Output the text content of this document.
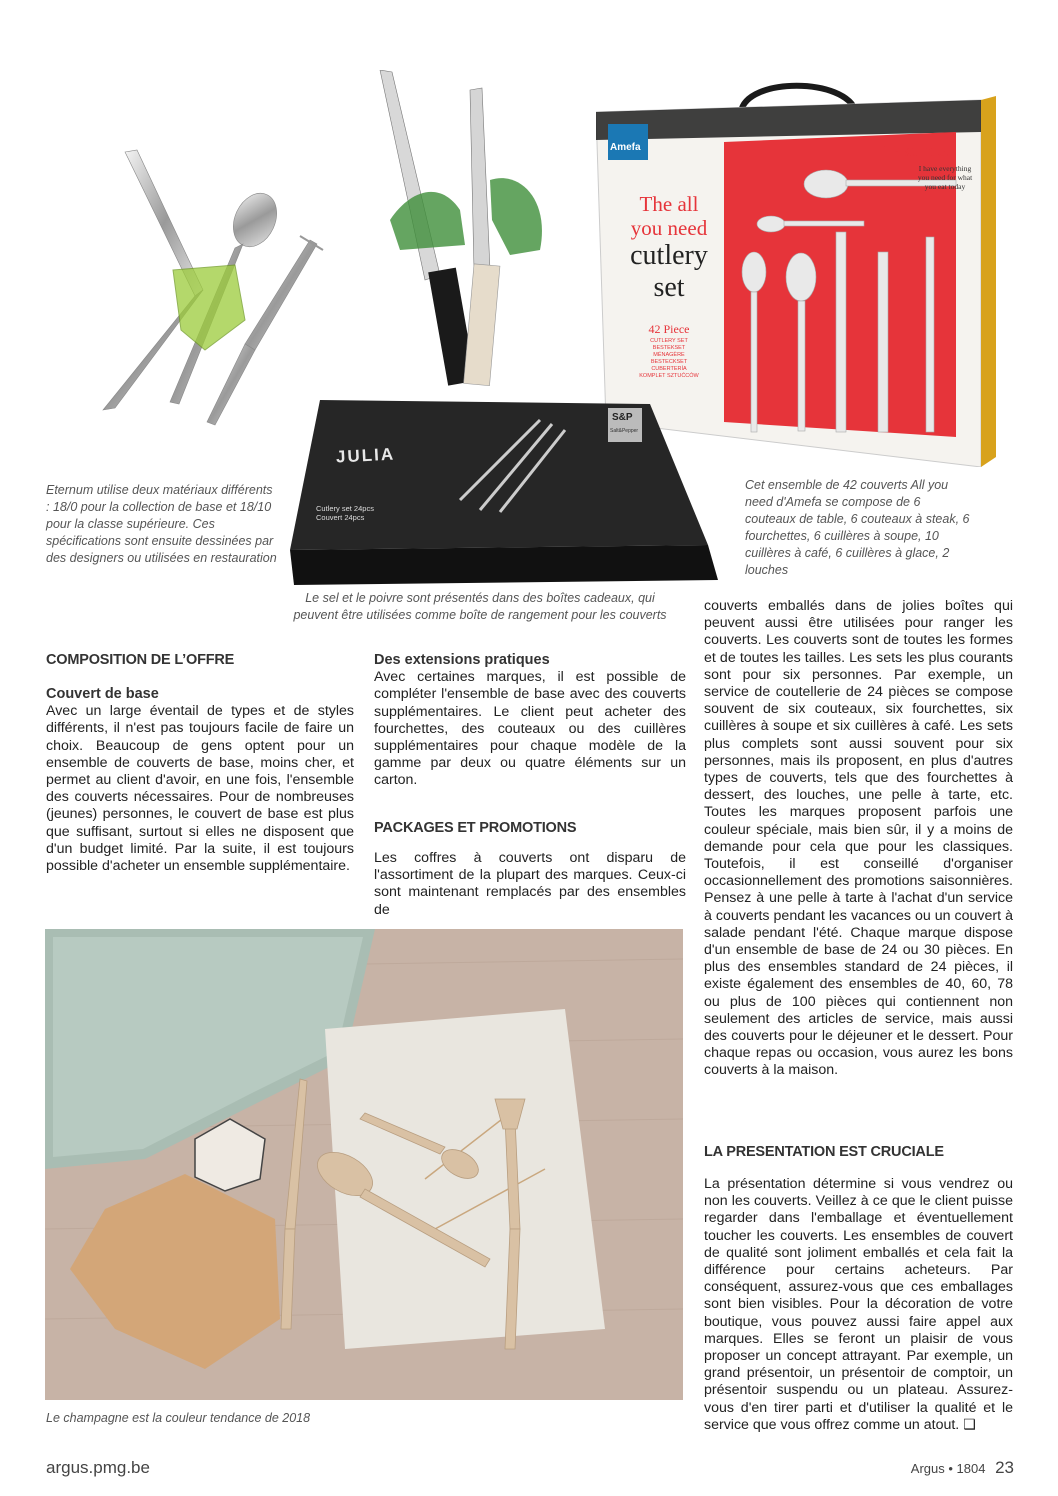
Amefa
The all
you need
cutlery
set
42 Piece
CUTLERY SET
BESTEKSET
MÉNAGÈRE
BESTECKSET
CUBERTERÍA
KOMPLET SZTUĆCÓW
Take me!
I have everything you need for what you eat today
JULIA
Cutlery set 24pcs
Couvert 24pcs
S&P
Salt&Pepper
Eternum utilise deux matériaux différents : 18/0 pour la collection de base et 18/10 pour la classe supérieure. Ces spécifications sont ensuite dessinées par des designers ou utilisées en restauration
Cet ensemble de 42 couverts All you need d'Amefa se compose de 6 couteaux de table, 6 couteaux à steak, 6 fourchettes, 6 cuillères à soupe, 10 cuillères à café, 6 cuillères à glace, 2 louches
Le sel et le poivre sont présentés dans des boîtes cadeaux, qui peuvent être utilisées comme boîte de rangement pour les couverts
COMPOSITION DE L’OFFRE

Couvert de base

Avec un large éventail de types et de styles différents, il n'est pas toujours facile de faire un choix. Beaucoup de gens optent pour un ensemble de couverts de base, moins cher, et permet au client d'avoir, en une fois, l'ensemble des couverts nécessaires. Pour de nombreuses (jeunes) personnes, le couvert de base est plus que suffisant, surtout si elles ne disposent que d'un budget limité. Par la suite, il est toujours possible d'acheter un ensemble supplémentaire.

Des extensions pratiques

Avec certaines marques, il est possible de compléter l'ensemble de base avec des couverts supplémentaires. Le client peut acheter des fourchettes, des couteaux ou des cuillères supplémentaires pour chaque modèle de la gamme par deux ou quatre éléments sur un carton.

PACKAGES ET PROMOTIONS
Les coffres à couverts ont disparu de l'assortiment de la plupart des marques. Ceux-ci sont maintenant remplacés par des ensembles de
couverts emballés dans de jolies boîtes qui peuvent aussi être utilisées pour ranger les couverts. Les couverts sont de toutes les formes et de toutes les tailles. Les sets les plus courants sont pour six personnes. Par exemple, un service de coutellerie de 24 pièces se compose souvent de six couteaux, six fourchettes, six cuillères à soupe et six cuillères à café. Les sets plus complets sont aussi souvent pour six personnes, mais ils proposent, en plus d'autres types de couverts, tels que des fourchettes à dessert, des louches, une pelle à tarte, etc. Toutes les marques proposent parfois une couleur spéciale, mais bien sûr, il y a moins de demande pour cela que pour les classiques. Toutefois, il est conseillé d'organiser occasionnellement des promotions saisonnières. Pensez à une pelle à tarte à l'achat d'un service à couverts pendant les vacances ou un couvert à salade pendant l'été. Chaque marque dispose d'un ensemble de base de 24 ou 30 pièces. En plus des ensembles standard de 24 pièces, il existe également des ensembles de 40, 60, 78 ou plus de 100 pièces qui contiennent non seulement des articles de service, mais aussi des couverts pour le déjeuner et le dessert. Pour chaque repas ou occasion, vous aurez les bons couverts à la maison.
LA PRESENTATION EST CRUCIALE
La présentation détermine si vous vendrez ou non les couverts. Veillez à ce que le client puisse regarder dans l'emballage et éventuellement toucher les couverts. Les ensembles de couvert de qualité sont joliment emballés et cela fait la différence pour certains acheteurs. Par conséquent, assurez-vous que ces emballages sont bien visibles. Pour la décoration de votre boutique, vous pouvez aussi faire appel aux marques. Elles se feront un plaisir de vous proposer un concept attrayant. Par exemple, un grand présentoir, un présentoir de comptoir, un présentoir suspendu ou un plateau. Assurez-vous d'en tirer parti et d'utiliser la qualité et le service que vous offrez comme un atout. ❑
Le champagne est la couleur tendance de 2018
argus.pmg.be	Argus • 1804 23
